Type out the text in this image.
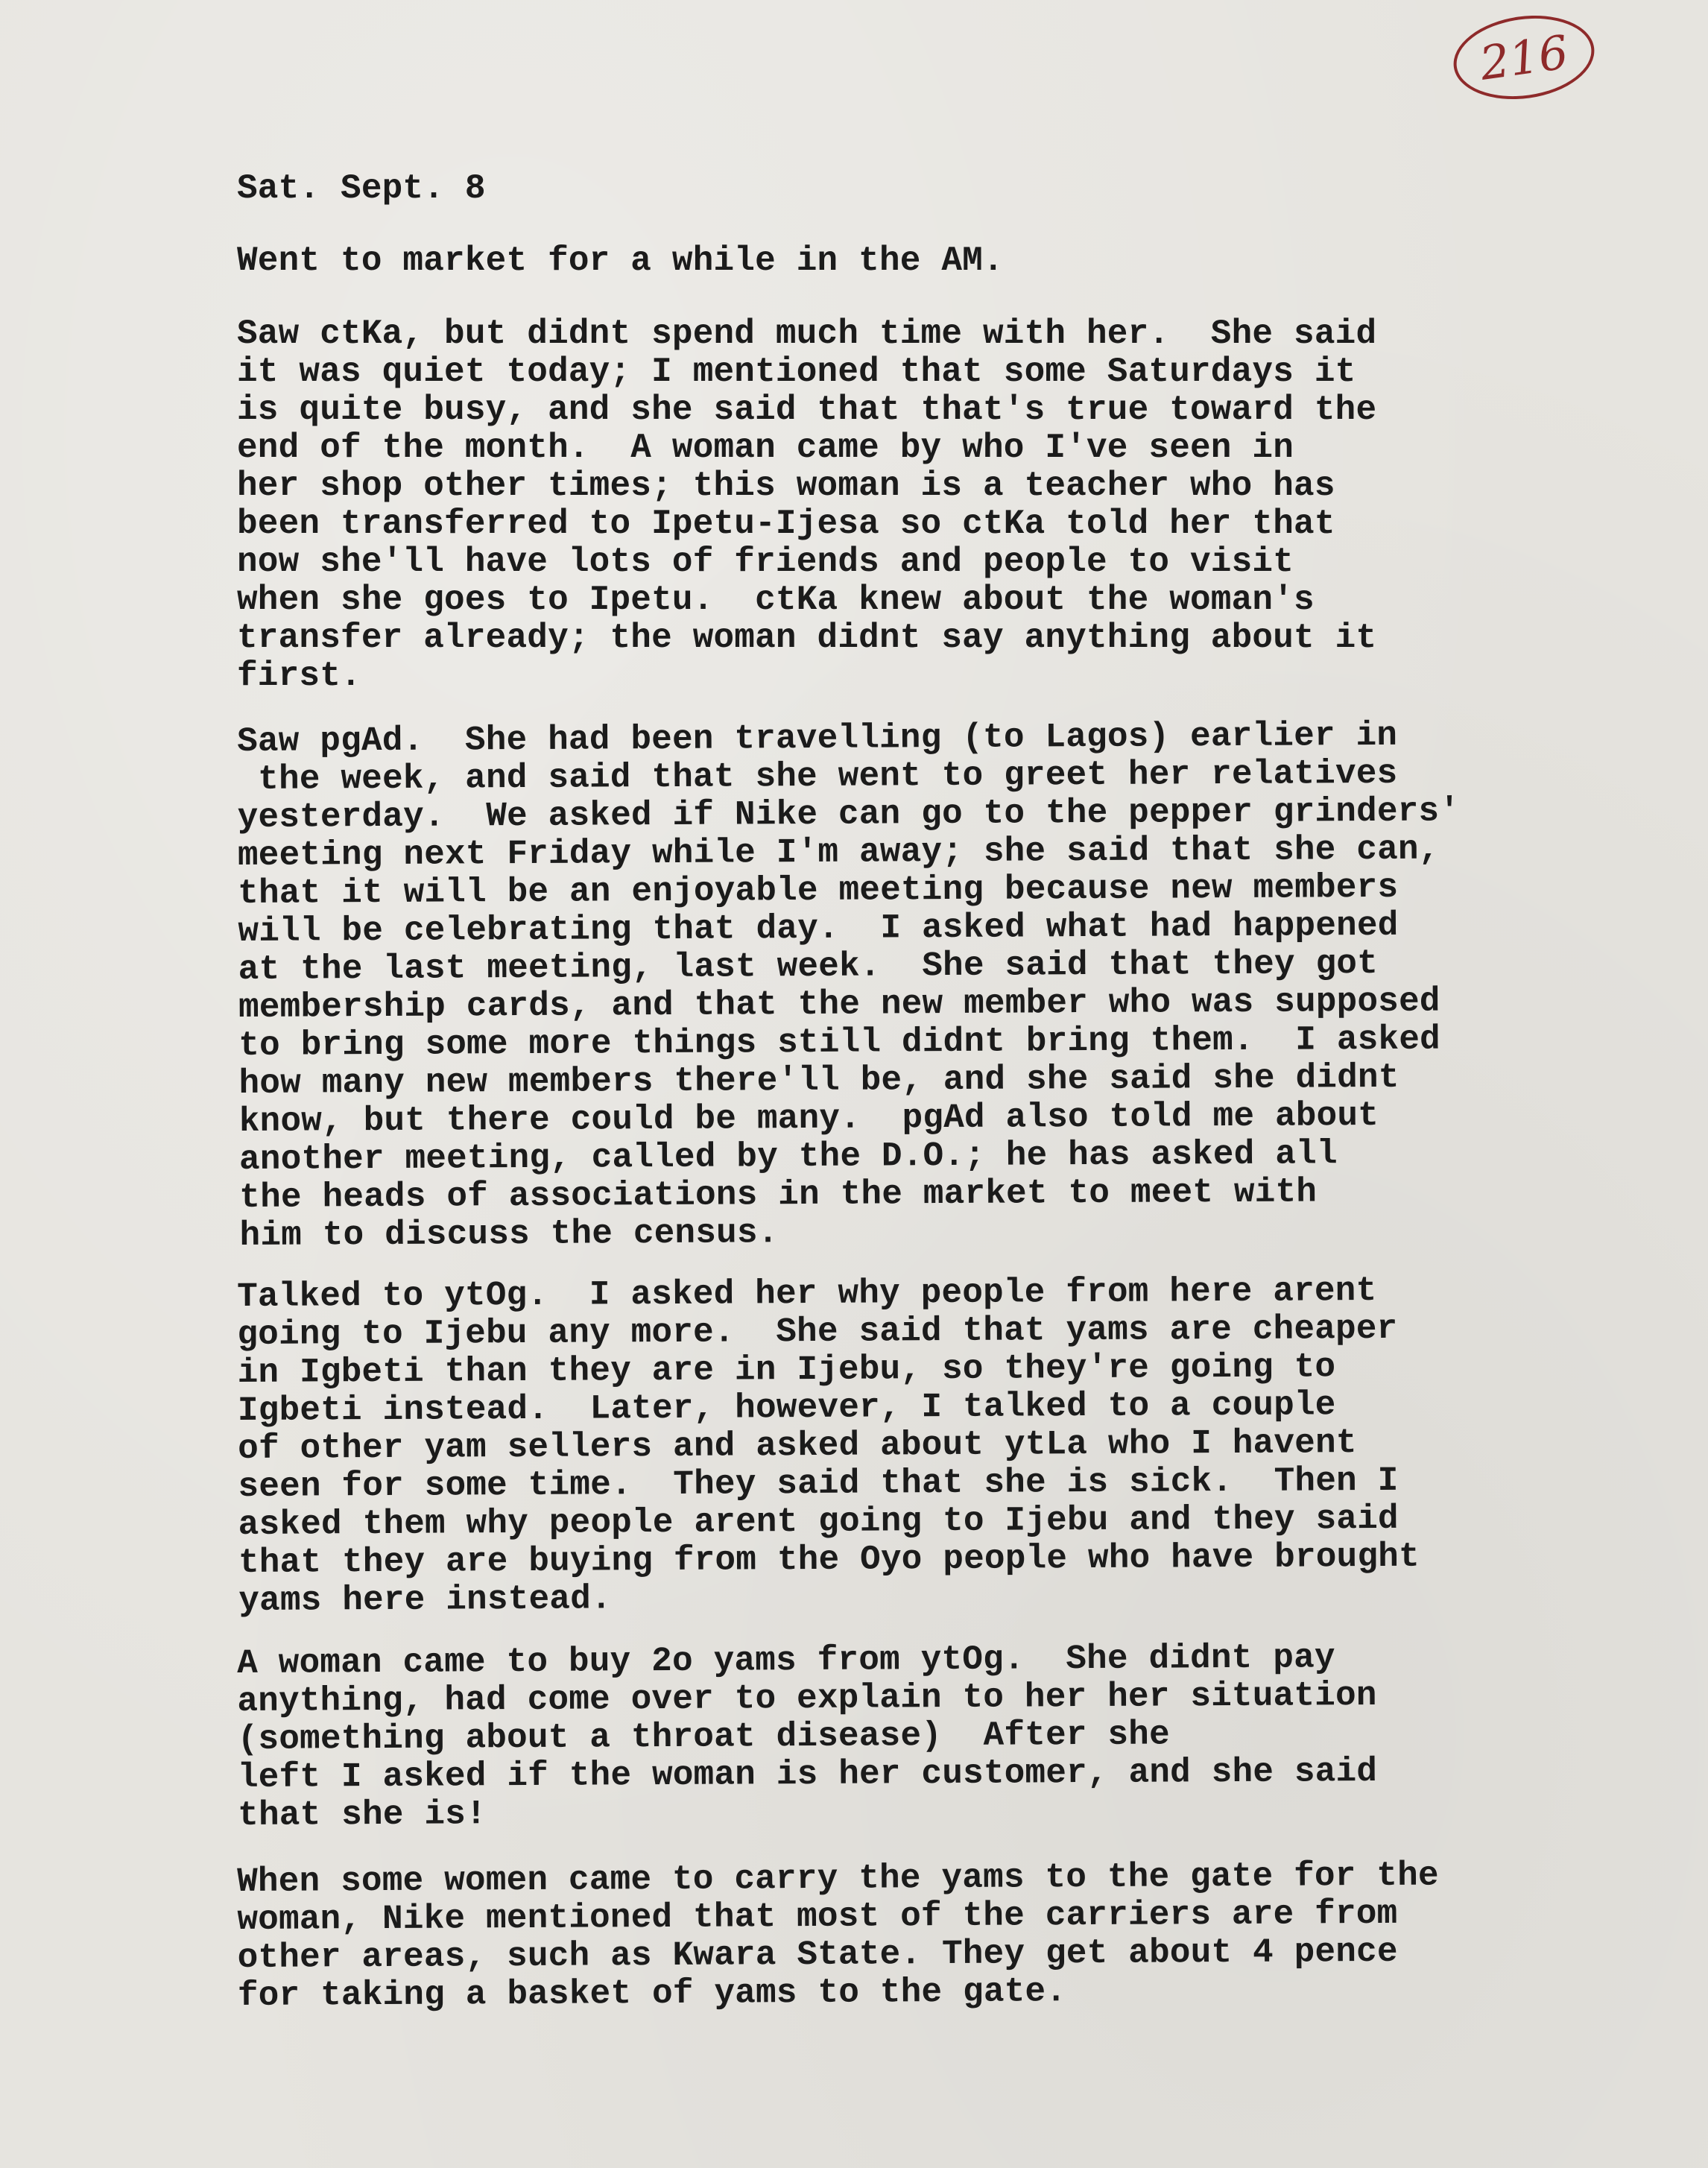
216

Sat. Sept. 8

Went to market for a while in the AM.

Saw ctKa, but didnt spend much time with her.  She said
it was quiet today; I mentioned that some Saturdays it
is quite busy, and she said that that's true toward the
end of the month.  A woman came by who I've seen in
her shop other times; this woman is a teacher who has
been transferred to Ipetu-Ijesa so ctKa told her that
now she'll have lots of friends and people to visit
when she goes to Ipetu.  ctKa knew about the woman's
transfer already; the woman didnt say anything about it
first.

Saw pgAd.  She had been travelling (to Lagos) earlier in
the week, and said that she went to greet her relatives
yesterday.  We asked if Nike can go to the pepper grinders'
meeting next Friday while I'm away; she said that she can,
that it will be an enjoyable meeting because new members
will be celebrating that day.  I asked what had happened
at the last meeting, last week.  She said that they got
membership cards, and that the new member who was supposed
to bring some more things still didnt bring them.  I asked
how many new members there'll be, and she said she didnt
know, but there could be many.  pgAd also told me about
another meeting, called by the D.O.; he has asked all
the heads of associations in the market to meet with
him to discuss the census.

Talked to ytOg.  I asked her why people from here arent
going to Ijebu any more.  She said that yams are cheaper
in Igbeti than they are in Ijebu, so they're going to
Igbeti instead.  Later, however, I talked to a couple
of other yam sellers and asked about ytLa who I havent
seen for some time.  They said that she is sick.  Then I
asked them why people arent going to Ijebu and they said
that they are buying from the Oyo people who have brought
yams here instead.

A woman came to buy 2o yams from ytOg.  She didnt pay
anything, had come over to explain to her her situation
(something about a throat disease)  After she
left I asked if the woman is her customer, and she said
that she is!

When some women came to carry the yams to the gate for the
woman, Nike mentioned that most of the carriers are from
other areas, such as Kwara State. They get about 4 pence
for taking a basket of yams to the gate.
